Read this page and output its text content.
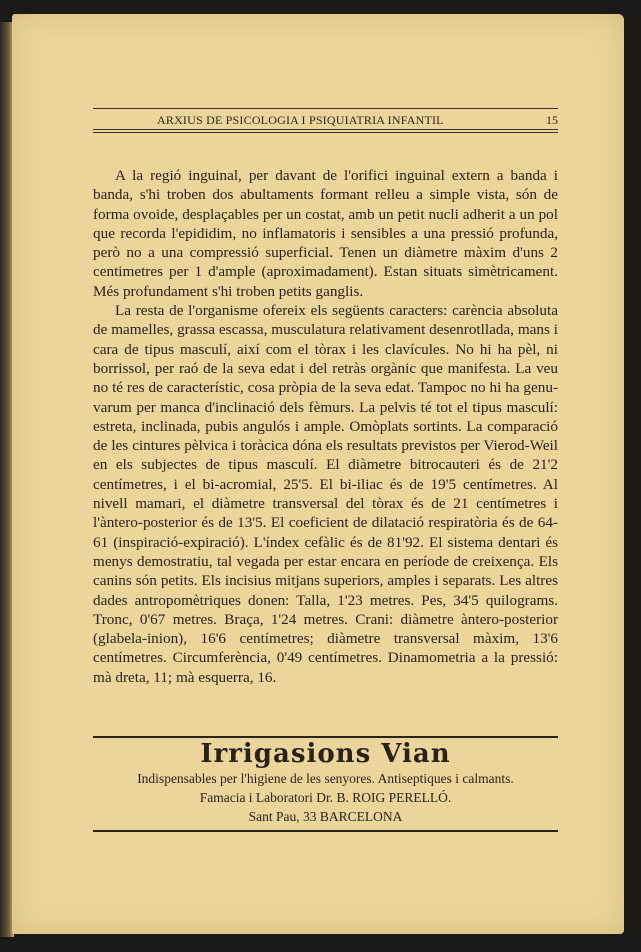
ARXIUS DE PSICOLOGIA I PSIQUIATRIA INFANTIL	15

A la regió inguinal, per davant de l'orifici inguinal extern a banda i banda, s'hi troben dos abultaments formant relleu a simple vista, són de forma ovoide, desplaçables per un costat, amb un petit nucli adherit a un pol que recorda l'epididim, no inflamatoris i sensibles a una pressió profunda, però no a una compressió superficial. Tenen un diàmetre màxim d'uns 2 centimetres per 1 d'ample (aproximadament). Estan situats simètricament. Més profundament s'hi troben petits ganglis.

La resta de l'organisme ofereix els següents caracters: carència absoluta de mamelles, grassa escassa, musculatura relativament desenrotllada, mans i cara de tipus masculí, així com el tòrax i les clavícules. No hi ha pèl, ni borrissol, per raó de la seva edat i del retràs orgànic que manifesta. La veu no té res de característic, cosa pròpia de la seva edat. Tampoc no hi ha genuvarum per manca d'inclinació dels fèmurs. La pelvis té tot el tipus masculí: estreta, inclinada, pubis angulós i ample. Omòplats sortints. La comparació de les cintures pèlvica i toràcica dóna els resultats previstos per Vierod-Weil en els subjectes de tipus masculí. El diàmetre bitrocauteri és de 21'2 centímetres, i el bi-acromial, 25'5. El bi-iliac és de 19'5 centímetres. Al nivell mamari, el diàmetre transversal del tòrax és de 21 centímetres i l'àntero-posterior és de 13'5. El coeficient de dilatació respiratòria és de 64-61 (inspiració-expiració). L'índex cefàlic és de 81'92. El sistema dentari és menys demostratiu, tal vegada per estar encara en període de creixença. Els canins són petits. Els incisius mitjans superiors, amples i separats. Les altres dades antropomètriques donen: Talla, 1'23 metres. Pes, 34'5 quilograms. Tronc, 0'67 metres. Braça, 1'24 metres. Crani: diàmetre àntero-posterior (glabela-inion), 16'6 centímetres; diàmetre transversal màxim, 13'6 centímetres. Circumferència, 0'49 centímetres. Dinamometria a la pressió: mà dreta, 11; mà esquerra, 16.

Irrigasions Vian
Indispensables per l'higiene de les senyores. Antiseptiques i calmants.
Famacia i Laboratori Dr. B. ROIG PERELLÓ.
Sant Pau, 33 BARCELONA
